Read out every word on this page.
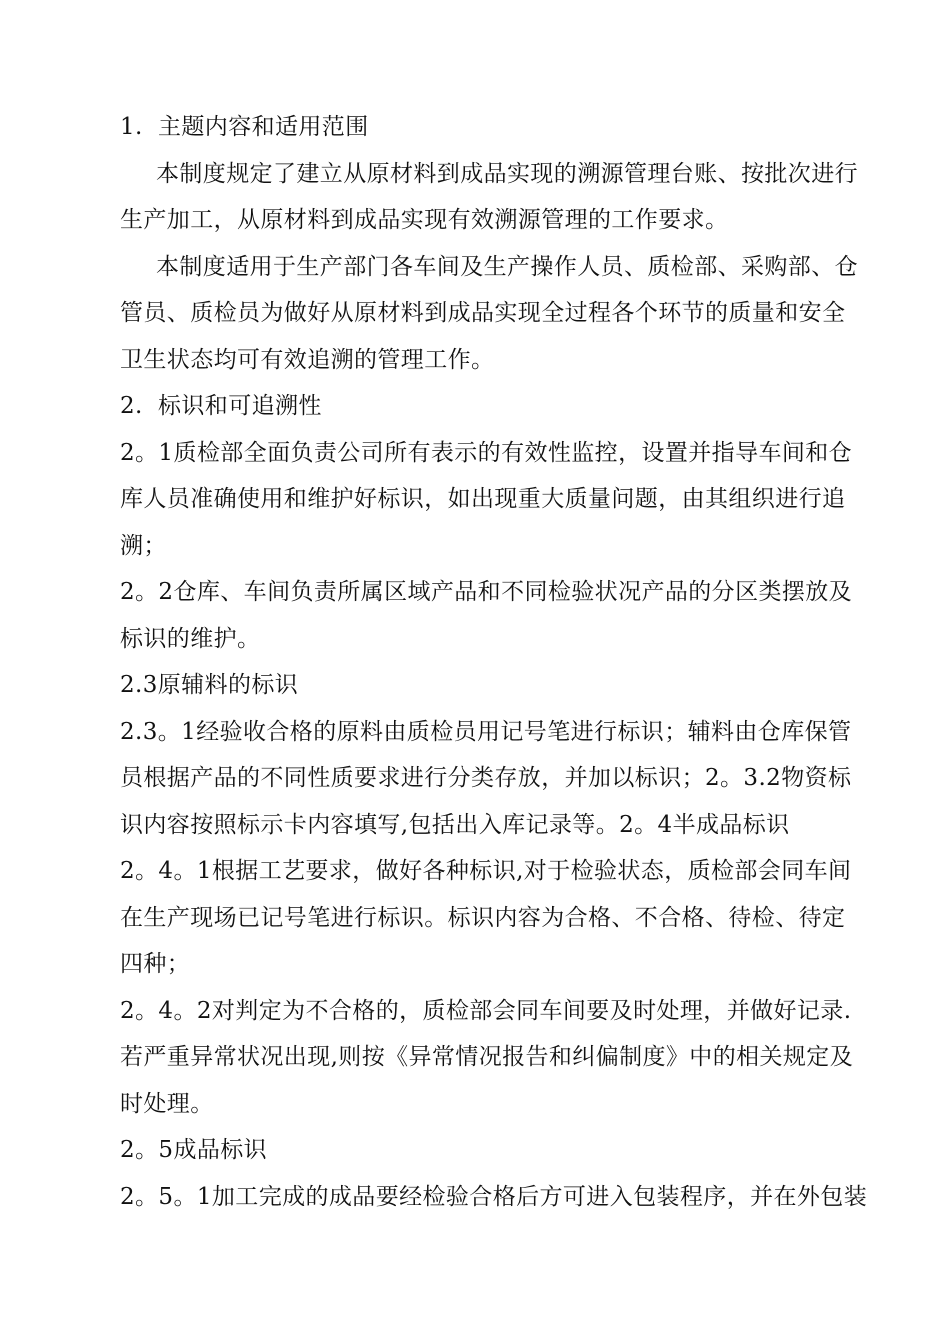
1. 主题内容和适用范围
本制度规定了建立从原材料到成品实现的溯源管理台账、按批次进行
生产加工，从原材料到成品实现有效溯源管理的工作要求。
本制度适用于生产部门各车间及生产操作人员、质检部、采购部、仓
管员、质检员为做好从原材料到成品实现全过程各个环节的质量和安全
卫生状态均可有效追溯的管理工作。
2. 标识和可追溯性
2。1质检部全面负责公司所有表示的有效性监控，设置并指导车间和仓
库人员准确使用和维护好标识，如出现重大质量问题，由其组织进行追
溯；
2。2仓库、车间负责所属区域产品和不同检验状况产品的分区类摆放及
标识的维护。
2.3原辅料的标识
2.3。1经验收合格的原料由质检员用记号笔进行标识；辅料由仓库保管
员根据产品的不同性质要求进行分类存放，并加以标识；2。3.2物资标
识内容按照标示卡内容填写,包括出入库记录等。2。4半成品标识
2。4。1根据工艺要求，做好各种标识,对于检验状态，质检部会同车间
在生产现场已记号笔进行标识。标识内容为合格、不合格、待检、待定
四种；
2。4。2对判定为不合格的，质检部会同车间要及时处理，并做好记录.
若严重异常状况出现,则按《异常情况报告和纠偏制度》中的相关规定及
时处理。
2。5成品标识
2。5。1加工完成的成品要经检验合格后方可进入包装程序，并在外包装
